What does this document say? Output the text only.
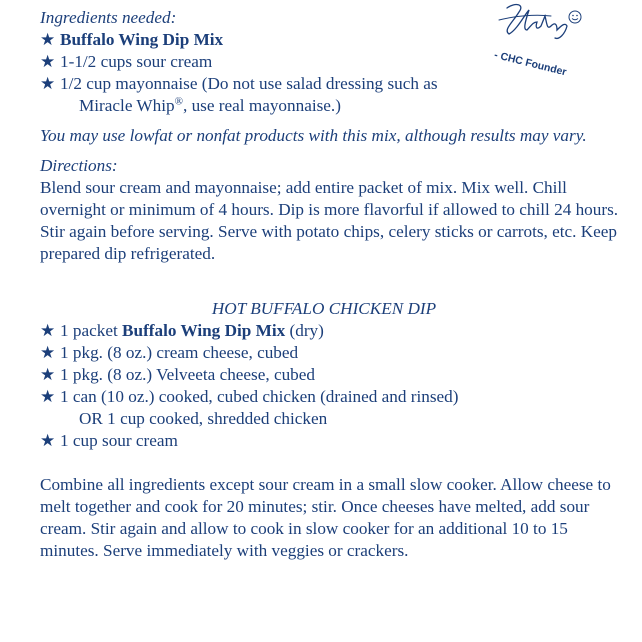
- CHC Founder
Ingredients needed:
★ Buffalo Wing Dip Mix
★ 1-1/2 cups sour cream
★ 1/2 cup mayonnaise (Do not use salad dressing such as
Miracle Whip®, use real mayonnaise.)
You may use lowfat or nonfat products with this mix, although results may vary.
Directions:
Blend sour cream and mayonnaise; add entire packet of mix. Mix well. Chill overnight or minimum of 4 hours. Dip is more flavorful if allowed to chill 24 hours. Stir again before serving. Serve with potato chips, celery sticks or carrots, etc. Keep prepared dip refrigerated.
HOT BUFFALO CHICKEN DIP
★ 1 packet Buffalo Wing Dip Mix (dry)
★ 1 pkg. (8 oz.) cream cheese, cubed
★ 1 pkg. (8 oz.) Velveeta cheese, cubed
★ 1 can (10 oz.) cooked, cubed chicken (drained and rinsed)
OR 1 cup cooked, shredded chicken
★ 1 cup sour cream
Combine all ingredients except sour cream in a small slow cooker. Allow cheese to melt together and cook for 20 minutes; stir. Once cheeses have melted, add sour cream. Stir again and allow to cook in slow cooker for an additional 10 to 15 minutes. Serve immediately with veggies or crackers.
